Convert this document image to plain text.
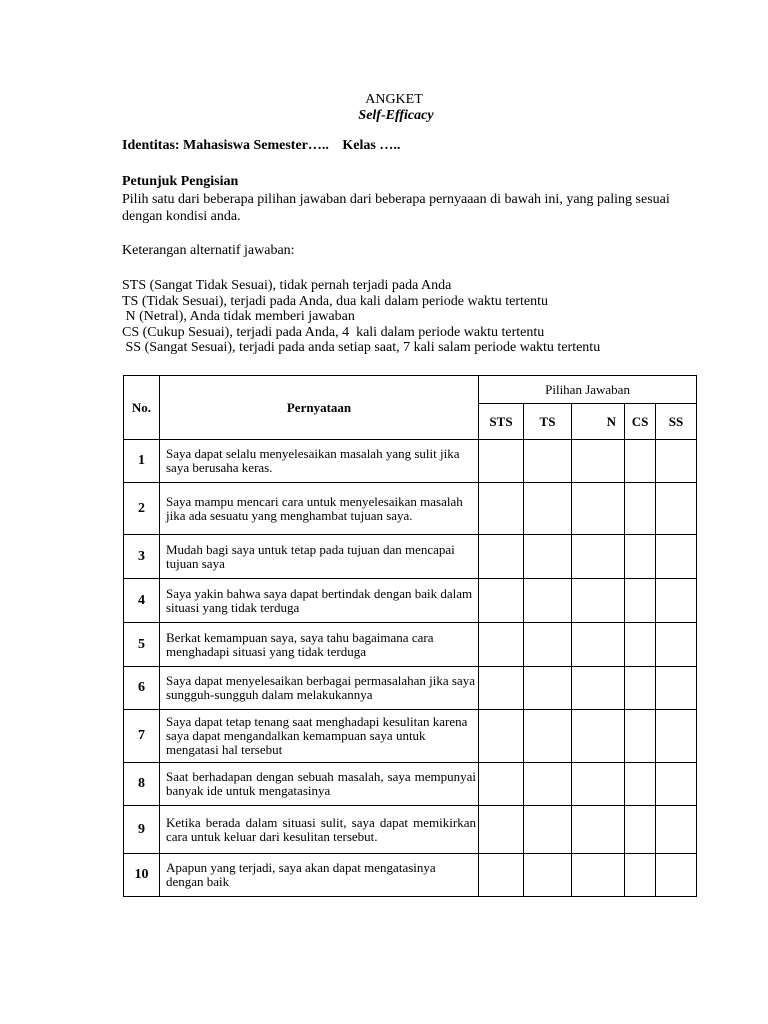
ANGKET
Self-Efficacy
Identitas: Mahasiswa Semester….. Kelas …..
Petunjuk Pengisian
Pilih satu dari beberapa pilihan jawaban dari beberapa pernyaaan di bawah ini, yang paling sesuai dengan kondisi anda.
Keterangan alternatif jawaban:
STS (Sangat Tidak Sesuai), tidak pernah terjadi pada Anda
TS (Tidak Sesuai), terjadi pada Anda, dua kali dalam periode waktu tertentu
N (Netral), Anda tidak memberi jawaban
CS (Cukup Sesuai), terjadi pada Anda, 4  kali dalam periode waktu tertentu
SS (Sangat Sesuai), terjadi pada anda setiap saat, 7 kali salam periode waktu tertentu
No.	Pernyataan	Pilihan Jawaban				
		STS	TS	N	CS	SS
1	Saya dapat selalu menyelesaikan masalah yang sulit jika saya berusaha keras.					
2	Saya mampu mencari cara untuk menyelesaikan masalah jika ada sesuatu yang menghambat tujuan saya.					
3	Mudah bagi saya untuk tetap pada tujuan dan mencapai tujuan saya					
4	Saya yakin bahwa saya dapat bertindak dengan baik dalam situasi yang tidak terduga					
5	Berkat kemampuan saya, saya tahu bagaimana cara menghadapi situasi yang tidak terduga					
6	Saya dapat menyelesaikan berbagai permasalahan jika saya sungguh-sungguh dalam melakukannya					
7	Saya dapat tetap tenang saat menghadapi kesulitan karena saya dapat mengandalkan kemampuan saya untuk mengatasi hal tersebut					
8	Saat berhadapan dengan sebuah masalah, saya mempunyai banyak ide untuk mengatasinya					
9	Ketika berada dalam situasi sulit, saya dapat memikirkan cara untuk keluar dari kesulitan tersebut.					
10	Apapun yang terjadi, saya akan dapat mengatasinya dengan baik					
